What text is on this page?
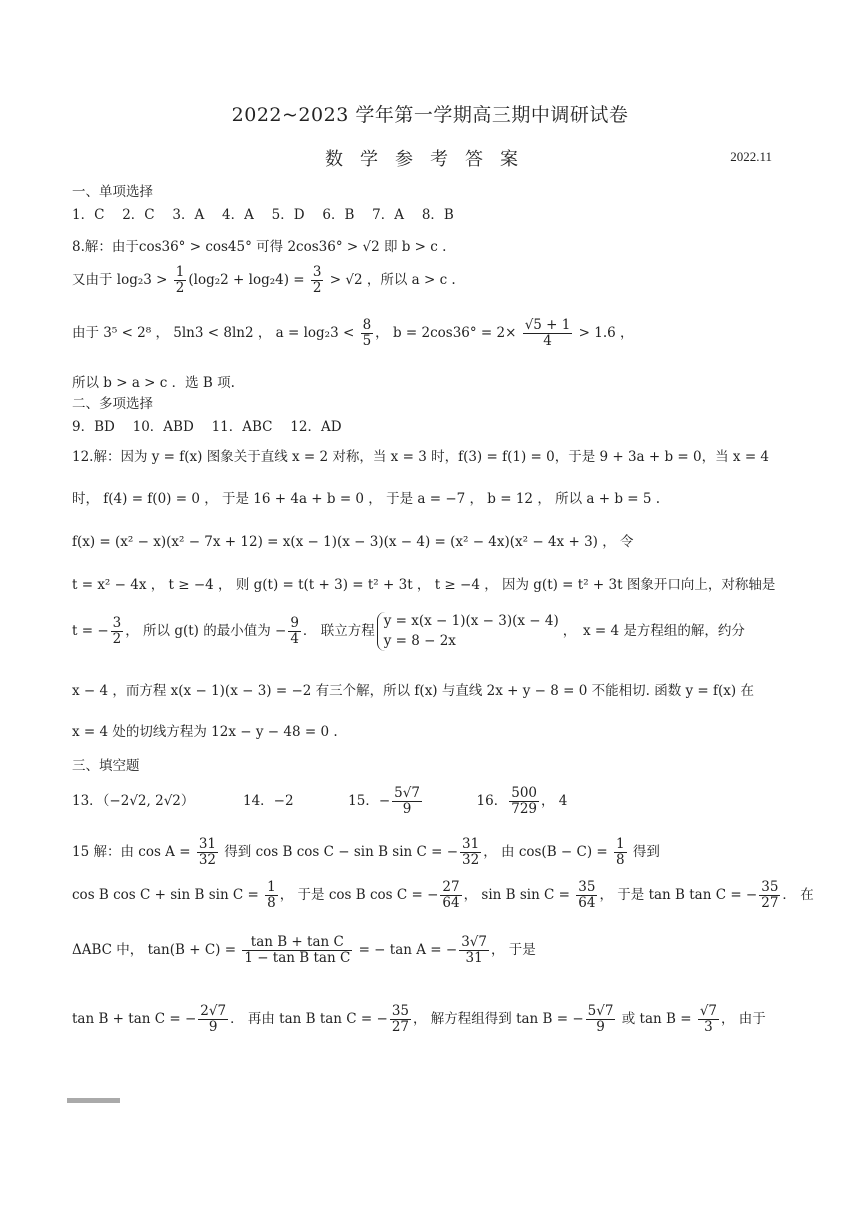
2022~2023 学年第一学期高三期中调研试卷
数学参考答案	2022.11
一、单项选择
1．C　 2．C　 3．A　 4．A　 5．D　 6．B　 7．A　 8．B
8.解：由于cos36° > cos45° 可得 2cos36° > √2 即 b > c .
又由于 $\log_23 > \frac{1}{2} (\log_22 + \log_24) = \frac{3}{2} > √2$ ，所以 a > c .
由于 3⁵ < 2⁸ ， 5ln3 < 8ln2 ， $a = \log_23 < \frac{8}{5}$ ， $b = 2\cos 36^\circ = 2\times \frac{√5 + 1}{4} > 1.6$ ，
所以 b > a > c ．选 B 项.
二、多项选择
9．BD　 10．ABD　 11．ABC　 12．AD
12.解：因为 y = f(x) 图象关于直线 x = 2 对称，当 x = 3 时，f(3) = f(1) = 0，于是 9 + 3a + b = 0，当 x = 4
时， f(4) = f(0) = 0 ， 于是 16 + 4a + b = 0 ， 于是 a = −7 ， b = 12 ， 所以 a + b = 5 .
f(x) = (x² − x)(x² − 7x + 12) = x(x − 1)(x − 3)(x − 4) = (x² − 4x)(x² − 4x + 3) ， 令
t = x² − 4x ， t ≥ −4 ， 则 g(t) = t(t + 3) = t² + 3t ， t ≥ −4 ， 因为 g(t) = t² + 3t 图象开口向上，对称轴是
t = − $\frac{3}{2}$ ， 所以 g(t) 的最小值为 − $\frac{9}{4}$ ． 联立方程
y = x(x − 1)(x − 3)(x − 4)
y = 8 − 2x
，　x = 4 是方程组的解，约分
x − 4 ，而方程 x(x − 1)(x − 3) = −2 有三个解，所以 f(x) 与直线 2x + y − 8 = 0 不能相切. 函数 y = f(x) 在
x = 4 处的切线方程为 12x − y − 48 = 0 .
三、填空题
13．（−2√2, 2√2）	14．−2	15．− $\frac{5√7}{9}$	16． $\frac{500}{729}$ ， 4
15 解：由 $\cos A = \frac{31}{32}$ 得到 cos B cos C − sin B sin C = − $\frac{31}{32}$ ， 由 $\cos(B - C) = \frac{1}{8}$ 得到
cos B cos C + sin B $\sin C = \frac{1}{8}$ ， 于是 cos B cos C = − $\frac{27}{64}$ ， sin B $\sin C = \frac{35}{64}$ ， 于是 tan B tan C = − $\frac{35}{27}$ ． 在
ΔABC 中， $\tan(B + C) = \frac{\text{tan B + tan C}}{\text{1 − tan B tan C}}$ = − tan A = − $\frac{3√7}{31}$ ， 于是
tan B + tan C = − $\frac{2√7}{9}$ ． 再由 tan B tan C = − $\frac{35}{27}$ ， 解方程组得到 tan B = − $\frac{5√7}{9}$ 或 $\tan B = \frac{√7}{3}$ ， 由于
